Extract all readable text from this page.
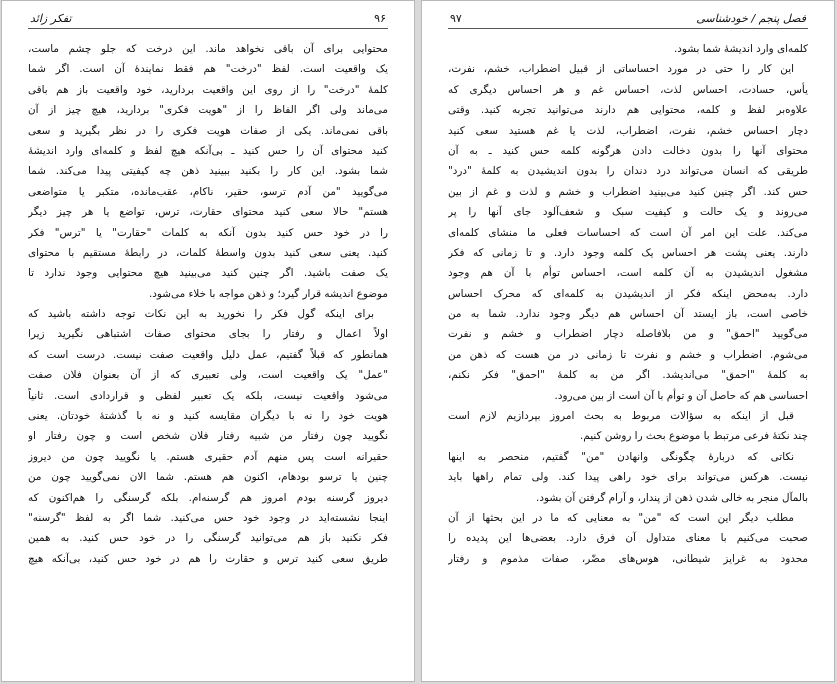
۹۶
تفکر زائد
محتوایی برای آن باقی نخواهد ماند. این درخت که جلو چشم ماست،
یک واقعیت است. لفظ "درخت" هم فقط نمایندهٔ آن است. اگر شما
کلمهٔ "درخت" را از روی این واقعیت بردارید، خود واقعیت باز هم باقی
می‌ماند ولی اگر الفاظ را از "هویت فکری" بردارید، هیچ چیز از آن
باقی نمی‌ماند. یکی از صفات هویت فکری را در نظر بگیرید و سعی
کنید محتوای آن را حس کنید ـ بی‌آنکه هیچ لفظ و کلمه‌ای وارد اندیشهٔ
شما بشود. این کار را بکنید ببینید ذهن چه کیفیتی پیدا می‌کند. شما
می‌گویید "من آدم ترسو، حقیر، ناکام، عقب‌مانده، متکبر یا متواضعی
هستم" حالا سعی کنید محتوای حقارت، ترس، تواضع یا هر چیز دیگر
را در خود حس کنید بدون آنکه به کلمات "حقارت" یا "ترس" فکر
کنید. یعنی سعی کنید بدون واسطهٔ کلمات، در رابطهٔ مستقیم با محتوای
یک صفت باشید. اگر چنین کنید می‌بینید هیچ محتوایی وجود ندارد تا
موضوع اندیشه قرار گیرد؛ و ذهن مواجه با خلاء می‌شود.
برای اینکه گول فکر را نخورید به این نکات توجه داشته باشید که
اولاً اعمال و رفتار را بجای محتوای صفات اشتباهی نگیرید زیرا
همانطور که قبلاً گفتیم، عمل دلیل واقعیت صفت نیست. درست است که
"عمل" یک واقعیت است، ولی تعبیری که از آن بعنوان فلان صفت
می‌شود واقعیت نیست، بلکه یک تعبیر لفظی و قراردادی است. ثانیاً
هویت خود را نه با دیگران مقایسه کنید و نه با گذشتهٔ خودتان. یعنی
نگویید چون رفتار من شبیه رفتار فلان شخص است و چون رفتار او
حقیرانه است پس منهم آدم حقیری هستم. یا نگویید چون من دیروز
چنین یا ترسو بودهام، اکنون هم هستم. شما الان نمی‌گویید چون من
دیروز گرسنه بودم امروز هم گرسنه‌ام. بلکه گرسنگی را هم‌اکنون که
اینجا نشسته‌اید در وجود خود حس می‌کنید. شما اگر به لفظ "گرسنه"
فکر نکنید باز هم می‌توانید گرسنگی را در خود حس کنید. به همین
طریق سعی کنید ترس و حقارت را هم در خود حس کنید، بی‌آنکه هیچ
۹۷	فصل پنجم / خودشناسی
کلمه‌ای وارد اندیشهٔ شما بشود.
این کار را حتی در مورد احساساتی از قبیل اضطراب، خشم، نفرت،
یأس، حسادت، احساس لذت، احساس غم و هر احساس دیگری که
علاوه‌بر لفظ و کلمه، محتوایی هم دارند می‌توانید تجربه کنید. وقتی
دچار احساس خشم، نفرت، اضطراب، لذت یا غم هستید سعی کنید
محتوای آنها را بدون دخالت دادن هرگونه کلمه حس کنید ـ به آن
طریقی که انسان می‌تواند درد دندان را بدون اندیشیدن به کلمهٔ "درد"
حس کند. اگر چنین کنید می‌بینید اضطراب و خشم و لذت و غم از بین
می‌روند و یک حالت و کیفیت سبک و شعف‌آلود جای آنها را پر
می‌کند. علت این امر آن است که احساسات فعلی ما منشای کلمه‌ای
دارند. یعنی پشت هر احساس یک کلمه وجود دارد. و تا زمانی که فکر
مشغول اندیشیدن به آن کلمه است، احساس توأم با آن هم وجود
دارد. به‌محض اینکه فکر از اندیشیدن به کلمه‌ای که محرک احساس
خاصی است، باز ایستد آن احساس هم دیگر وجود ندارد. شما به من
می‌گویید "احمق" و من بلافاصله دچار اضطراب و خشم و نفرت
می‌شوم. اضطراب و خشم و نفرت تا زمانی در من هست که ذهن من
به کلمهٔ "احمق" می‌اندیشد. اگر من به کلمهٔ "احمق" فکر نکنم،
احساسی هم که حاصل آن و توأم با آن است از بین می‌رود.
قبل از اینکه به سؤالات مربوط به بحث امروز بپردازیم لازم است
چند نکتهٔ فرعی مرتبط با موضوع بحث را روشن کنیم.
نکاتی که دربارهٔ چگونگی وانهادن "من" گفتیم، منحصر به اینها
نیست. هرکس می‌تواند برای خود راهی پیدا کند. ولی تمام راهها باید
بالمآل منجر به خالی شدن ذهن از پندار، و آرام گرفتن آن بشود.
مطلب دیگر این است که "من" به معنایی که ما در این بحثها از آن
صحبت می‌کنیم با معنای متداول آن فرق دارد. بعضی‌ها این پدیده را
محدود به غرایز شیطانی، هوس‌های مضّر، صفات مذموم و رفتار
